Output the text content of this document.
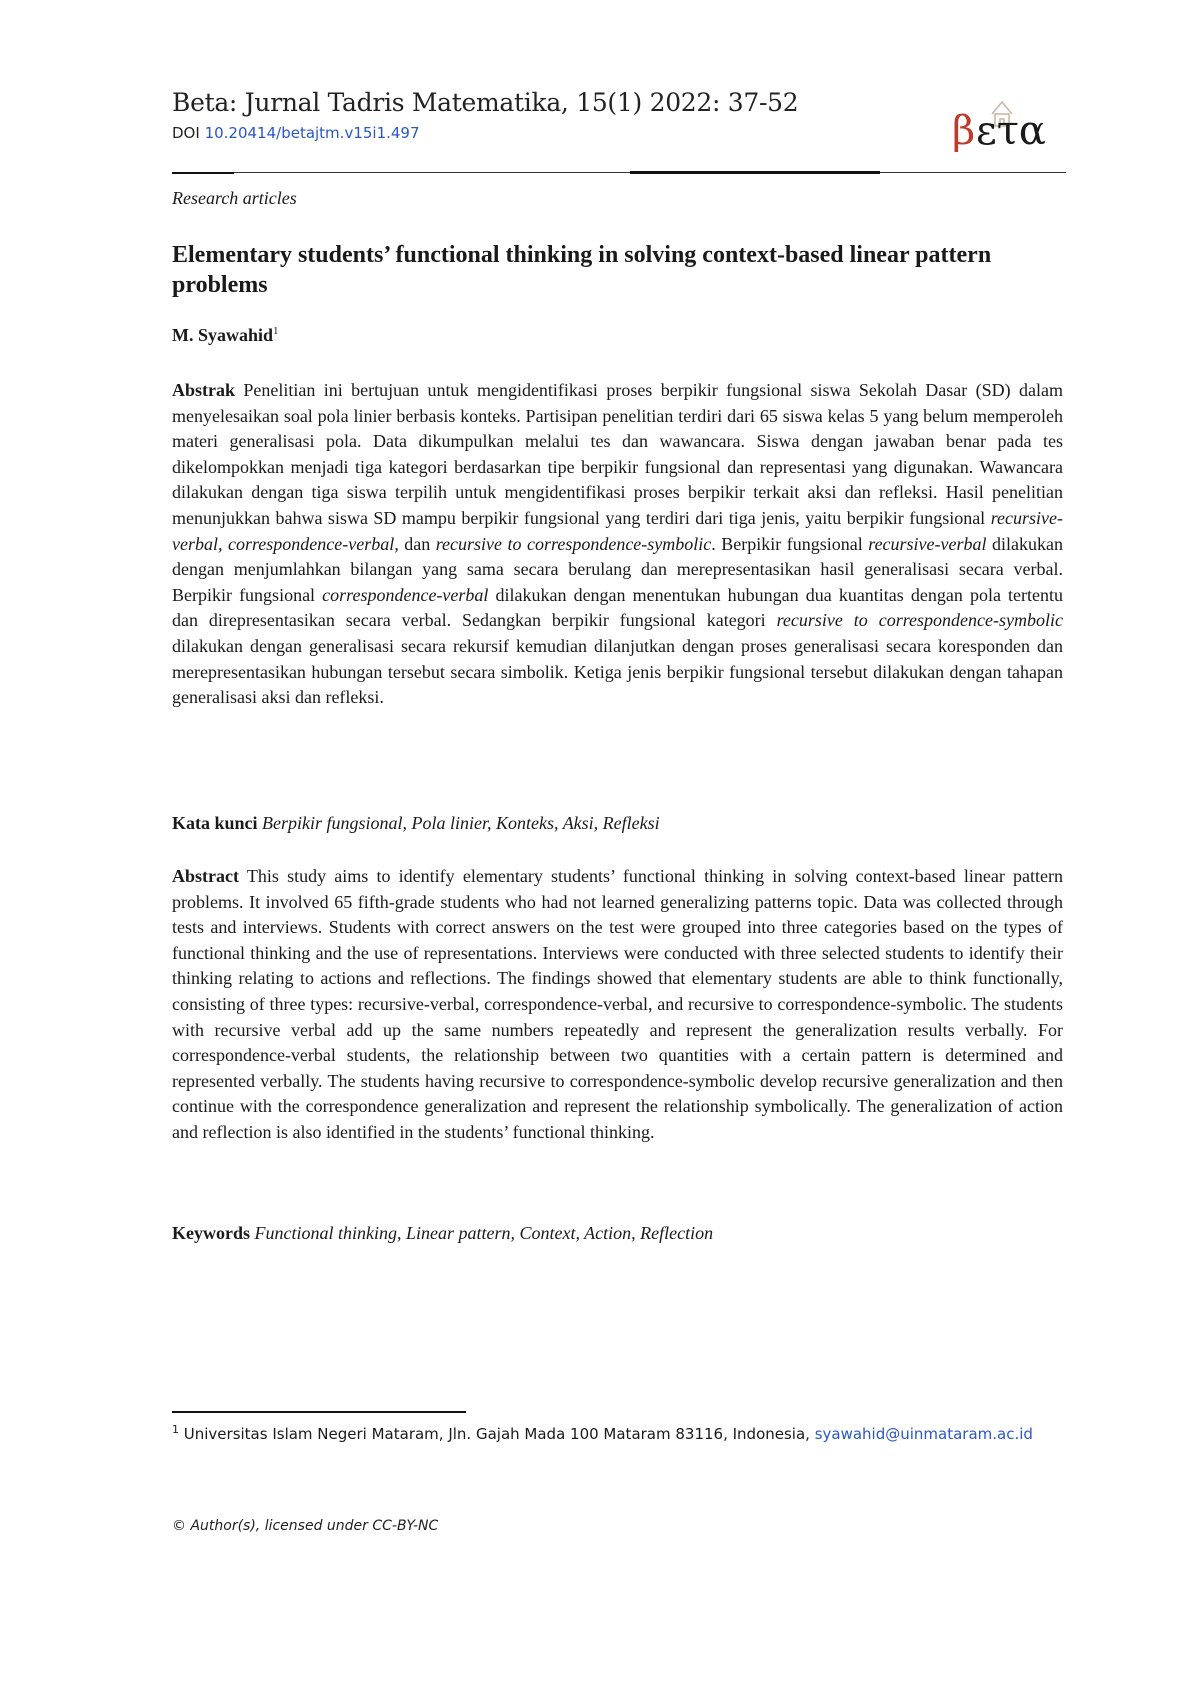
Beta: Jurnal Tadris Matematika, 15(1) 2022: 37-52
DOI 10.20414/betajtm.v15i1.497	β ετα
Research articles
Elementary students’ functional thinking in solving context-based linear pattern problems
M. Syawahid$^1$
Abstrak Penelitian ini bertujuan untuk mengidentifikasi proses berpikir fungsional siswa Sekolah Dasar (SD) dalam menyelesaikan soal pola linier berbasis konteks. Partisipan penelitian terdiri dari 65 siswa kelas 5 yang belum memperoleh materi generalisasi pola. Data dikumpulkan melalui tes dan wawancara. Siswa dengan jawaban benar pada tes dikelompokkan menjadi tiga kategori berdasarkan tipe berpikir fungsional dan representasi yang digunakan. Wawancara dilakukan dengan tiga siswa terpilih untuk mengidentifikasi proses berpikir terkait aksi dan refleksi. Hasil penelitian menunjukkan bahwa siswa SD mampu berpikir fungsional yang terdiri dari tiga jenis, yaitu berpikir fungsional recursive-verbal, correspondence-verbal, dan recursive to correspondence-symbolic. Berpikir fungsional recursive-verbal dilakukan dengan menjumlahkan bilangan yang sama secara berulang dan merepresentasikan hasil generalisasi secara verbal. Berpikir fungsional correspondence-verbal dilakukan dengan menentukan hubungan dua kuantitas dengan pola tertentu dan direpresentasikan secara verbal. Sedangkan berpikir fungsional kategori recursive to correspondence-symbolic dilakukan dengan generalisasi secara rekursif kemudian dilanjutkan dengan proses generalisasi secara koresponden dan merepresentasikan hubungan tersebut secara simbolik. Ketiga jenis berpikir fungsional tersebut dilakukan dengan tahapan generalisasi aksi dan refleksi.
Kata kunci Berpikir fungsional, Pola linier, Konteks, Aksi, Refleksi
Abstract This study aims to identify elementary students’ functional thinking in solving context-based linear pattern problems. It involved 65 fifth-grade students who had not learned generalizing patterns topic. Data was collected through tests and interviews. Students with correct answers on the test were grouped into three categories based on the types of functional thinking and the use of representations. Interviews were conducted with three selected students to identify their thinking relating to actions and reflections. The findings showed that elementary students are able to think functionally, consisting of three types: recursive-verbal, correspondence-verbal, and recursive to correspondence-symbolic. The students with recursive verbal add up the same numbers repeatedly and represent the generalization results verbally. For correspondence-verbal students, the relationship between two quantities with a certain pattern is determined and represented verbally. The students having recursive to correspondence-symbolic develop recursive generalization and then continue with the correspondence generalization and represent the relationship symbolically. The generalization of action and reflection is also identified in the students’ functional thinking.
Keywords Functional thinking, Linear pattern, Context, Action, Reflection
$^1$ Universitas Islam Negeri Mataram, Jln. Gajah Mada 100 Mataram 83116, Indonesia, syawahid@uinmataram.ac.id
© Author(s), licensed under CC-BY-NC
